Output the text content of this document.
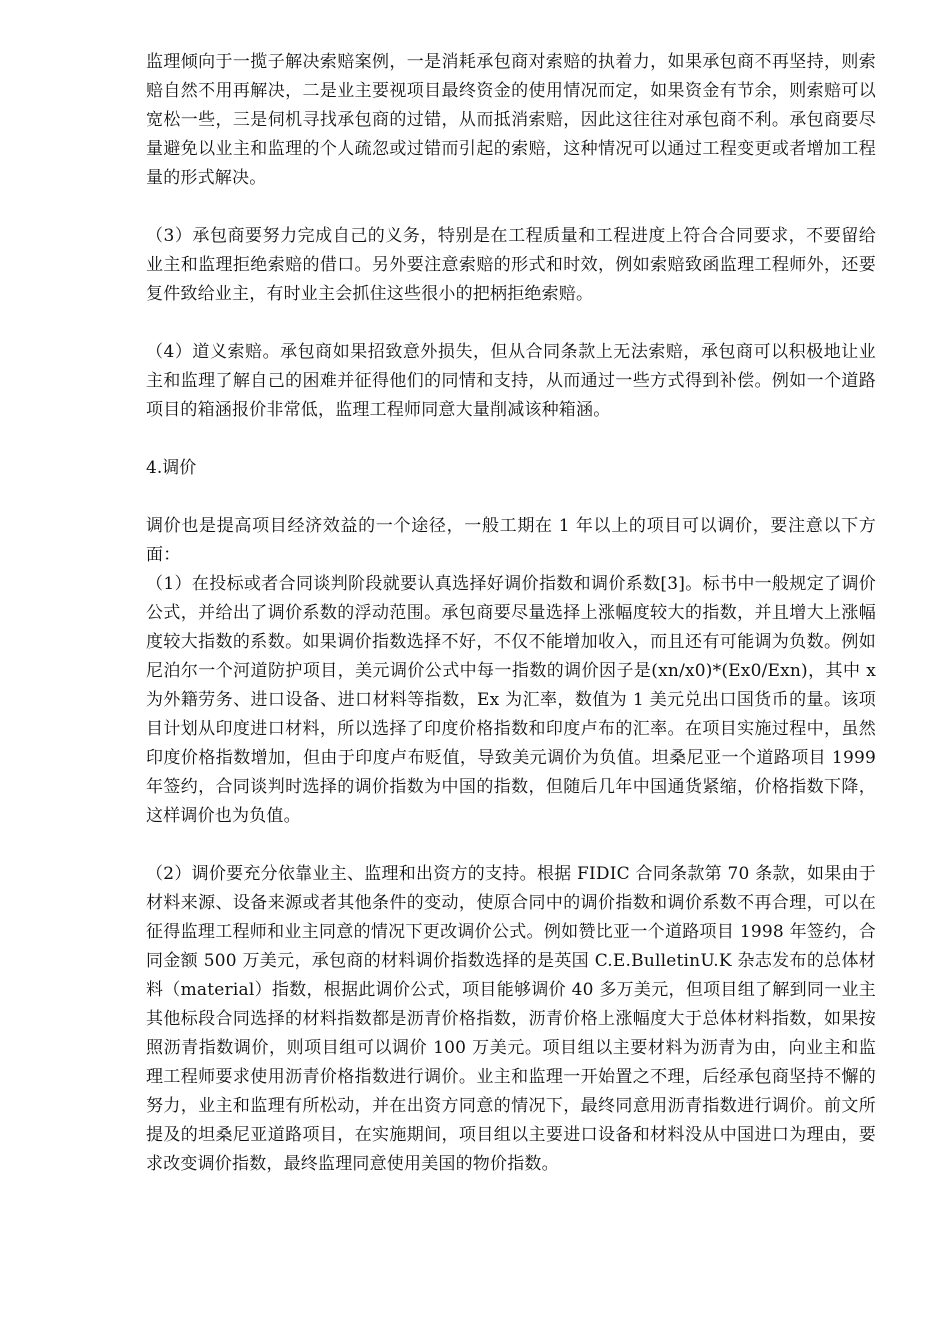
监理倾向于一揽子解决索赔案例，一是消耗承包商对索赔的执着力，如果承包商不再坚持，则索赔自然不用再解决，二是业主要视项目最终资金的使用情况而定，如果资金有节余，则索赔可以宽松一些，三是伺机寻找承包商的过错，从而抵消索赔，因此这往往对承包商不利。承包商要尽量避免以业主和监理的个人疏忽或过错而引起的索赔，这种情况可以通过工程变更或者增加工程量的形式解决。

（3）承包商要努力完成自己的义务，特别是在工程质量和工程进度上符合合同要求，不要留给业主和监理拒绝索赔的借口。另外要注意索赔的形式和时效，例如索赔致函监理工程师外，还要复件致给业主，有时业主会抓住这些很小的把柄拒绝索赔。

（4）道义索赔。承包商如果招致意外损失，但从合同条款上无法索赔，承包商可以积极地让业主和监理了解自己的困难并征得他们的同情和支持，从而通过一些方式得到补偿。例如一个道路项目的箱涵报价非常低，监理工程师同意大量削减该种箱涵。

4.调价

调价也是提高项目经济效益的一个途径，一般工期在 1 年以上的项目可以调价，要注意以下方面：

（1）在投标或者合同谈判阶段就要认真选择好调价指数和调价系数[3]。标书中一般规定了调价公式，并给出了调价系数的浮动范围。承包商要尽量选择上涨幅度较大的指数，并且增大上涨幅度较大指数的系数。如果调价指数选择不好，不仅不能增加收入，而且还有可能调为负数。例如尼泊尔一个河道防护项目，美元调价公式中每一指数的调价因子是(xn/x0)*(Ex0/Exn)，其中 x 为外籍劳务、进口设备、进口材料等指数，Ex 为汇率，数值为 1 美元兑出口国货币的量。该项目计划从印度进口材料，所以选择了印度价格指数和印度卢布的汇率。在项目实施过程中，虽然印度价格指数增加，但由于印度卢布贬值，导致美元调价为负值。坦桑尼亚一个道路项目 1999 年签约，合同谈判时选择的调价指数为中国的指数，但随后几年中国通货紧缩，价格指数下降，这样调价也为负值。

（2）调价要充分依靠业主、监理和出资方的支持。根据 FIDIC 合同条款第 70 条款，如果由于材料来源、设备来源或者其他条件的变动，使原合同中的调价指数和调价系数不再合理，可以在征得监理工程师和业主同意的情况下更改调价公式。例如赞比亚一个道路项目 1998 年签约，合同金额 500 万美元，承包商的材料调价指数选择的是英国 C.E.BulletinU.K 杂志发布的总体材料（material）指数，根据此调价公式，项目能够调价 40 多万美元，但项目组了解到同一业主其他标段合同选择的材料指数都是沥青价格指数，沥青价格上涨幅度大于总体材料指数，如果按照沥青指数调价，则项目组可以调价 100 万美元。项目组以主要材料为沥青为由，向业主和监理工程师要求使用沥青价格指数进行调价。业主和监理一开始置之不理，后经承包商坚持不懈的努力，业主和监理有所松动，并在出资方同意的情况下，最终同意用沥青指数进行调价。前文所提及的坦桑尼亚道路项目，在实施期间，项目组以主要进口设备和材料没从中国进口为理由，要求改变调价指数，最终监理同意使用美国的物价指数。
